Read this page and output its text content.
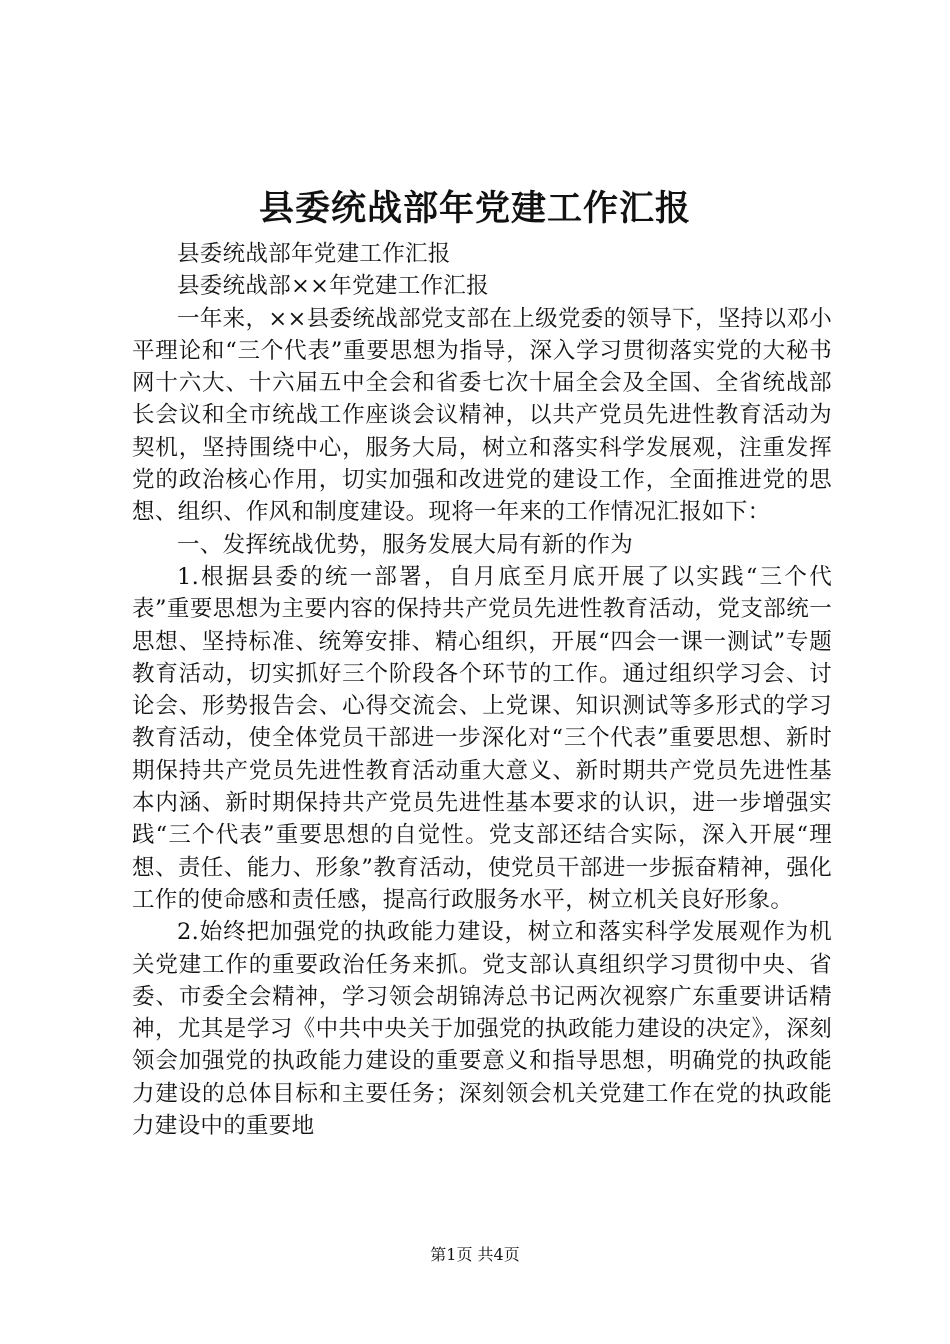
县委统战部年党建工作汇报

县委统战部年党建工作汇报

县委统战部××年党建工作汇报

一年来，××县委统战部党支部在上级党委的领导下，坚持以邓小平理论和“三个代表”重要思想为指导，深入学习贯彻落实党的大秘书网十六大、十六届五中全会和省委七次十届全会及全国、全省统战部长会议和全市统战工作座谈会议精神，以共产党员先进性教育活动为契机，坚持围绕中心，服务大局，树立和落实科学发展观，注重发挥党的政治核心作用，切实加强和改进党的建设工作，全面推进党的思想、组织、作风和制度建设。现将一年来的工作情况汇报如下：

一、发挥统战优势，服务发展大局有新的作为

1.根据县委的统一部署，自月底至月底开展了以实践“三个代表”重要思想为主要内容的保持共产党员先进性教育活动，党支部统一思想、坚持标准、统筹安排、精心组织，开展“四会一课一测试”专题教育活动，切实抓好三个阶段各个环节的工作。通过组织学习会、讨论会、形势报告会、心得交流会、上党课、知识测试等多形式的学习教育活动，使全体党员干部进一步深化对“三个代表”重要思想、新时期保持共产党员先进性教育活动重大意义、新时期共产党员先进性基本内涵、新时期保持共产党员先进性基本要求的认识，进一步增强实践“三个代表”重要思想的自觉性。党支部还结合实际，深入开展“理想、责任、能力、形象”教育活动，使党员干部进一步振奋精神，强化工作的使命感和责任感，提高行政服务水平，树立机关良好形象。

2.始终把加强党的执政能力建设，树立和落实科学发展观作为机关党建工作的重要政治任务来抓。党支部认真组织学习贯彻中央、省委、市委全会精神，学习领会胡锦涛总书记两次视察广东重要讲话精神，尤其是学习《中共中央关于加强党的执政能力建设的决定》，深刻领会加强党的执政能力建设的重要意义和指导思想，明确党的执政能力建设的总体目标和主要任务；深刻领会机关党建工作在党的执政能力建设中的重要地

第1页 共4页
